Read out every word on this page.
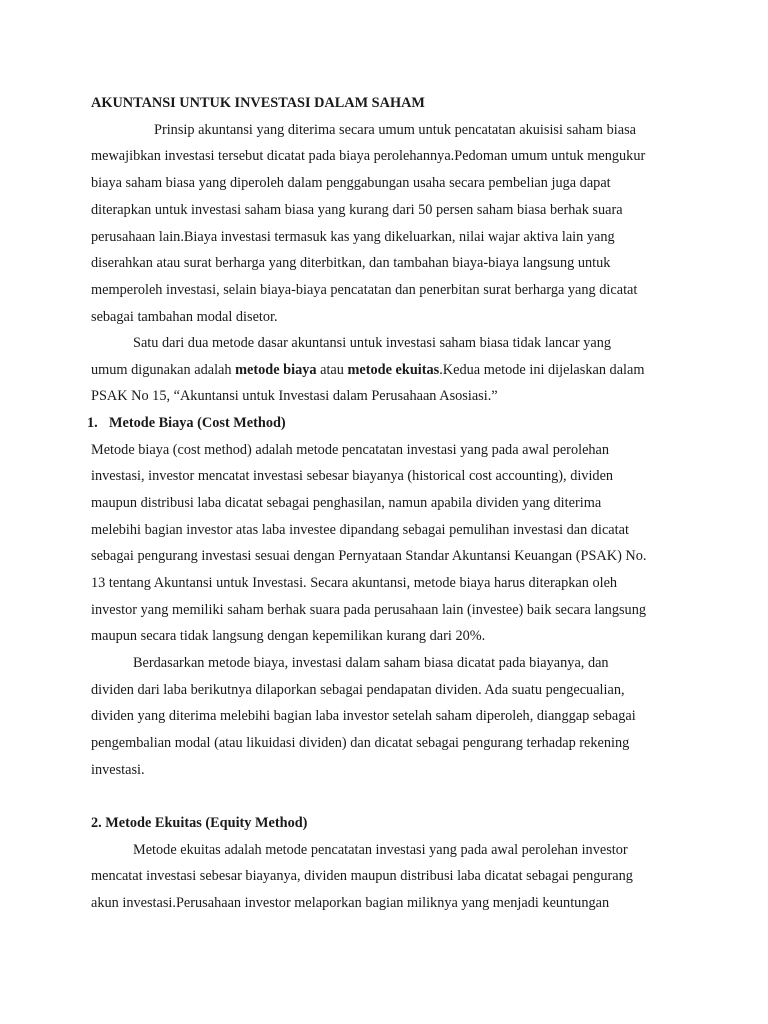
AKUNTANSI UNTUK INVESTASI DALAM SAHAM
Prinsip akuntansi yang diterima secara umum untuk pencatatan akuisisi saham biasa
mewajibkan investasi tersebut dicatat pada biaya perolehannya.Pedoman umum untuk mengukur
biaya saham biasa yang diperoleh dalam penggabungan usaha secara pembelian juga dapat
diterapkan untuk investasi saham biasa yang kurang dari 50 persen saham biasa berhak suara
perusahaan lain.Biaya investasi termasuk kas yang dikeluarkan, nilai wajar aktiva lain yang
diserahkan atau surat berharga yang diterbitkan, dan tambahan biaya-biaya langsung untuk
memperoleh investasi, selain biaya-biaya pencatatan dan penerbitan surat berharga yang dicatat
sebagai tambahan modal disetor.
Satu dari dua metode dasar akuntansi untuk investasi saham biasa tidak lancar yang
umum digunakan adalah metode biaya atau metode ekuitas.Kedua metode ini dijelaskan dalam
PSAK No 15, “Akuntansi untuk Investasi dalam Perusahaan Asosiasi.”
1. Metode Biaya (Cost Method)
Metode biaya (cost method) adalah metode pencatatan investasi yang pada awal perolehan
investasi, investor mencatat investasi sebesar biayanya (historical cost accounting), dividen
maupun distribusi laba dicatat sebagai penghasilan, namun apabila dividen yang diterima
melebihi bagian investor atas laba investee dipandang sebagai pemulihan investasi dan dicatat
sebagai pengurang investasi sesuai dengan Pernyataan Standar Akuntansi Keuangan (PSAK) No.
13 tentang Akuntansi untuk Investasi. Secara akuntansi, metode biaya harus diterapkan oleh
investor yang memiliki saham berhak suara pada perusahaan lain (investee) baik secara langsung
maupun secara tidak langsung dengan kepemilikan kurang dari 20%.
Berdasarkan metode biaya, investasi dalam saham biasa dicatat pada biayanya, dan
dividen dari laba berikutnya dilaporkan sebagai pendapatan dividen. Ada suatu pengecualian,
dividen yang diterima melebihi bagian laba investor setelah saham diperoleh, dianggap sebagai
pengembalian modal (atau likuidasi dividen) dan dicatat sebagai pengurang terhadap rekening
investasi.
2. Metode Ekuitas (Equity Method)
Metode ekuitas adalah metode pencatatan investasi yang pada awal perolehan investor
mencatat investasi sebesar biayanya, dividen maupun distribusi laba dicatat sebagai pengurang
akun investasi.Perusahaan investor melaporkan bagian miliknya yang menjadi keuntungan
